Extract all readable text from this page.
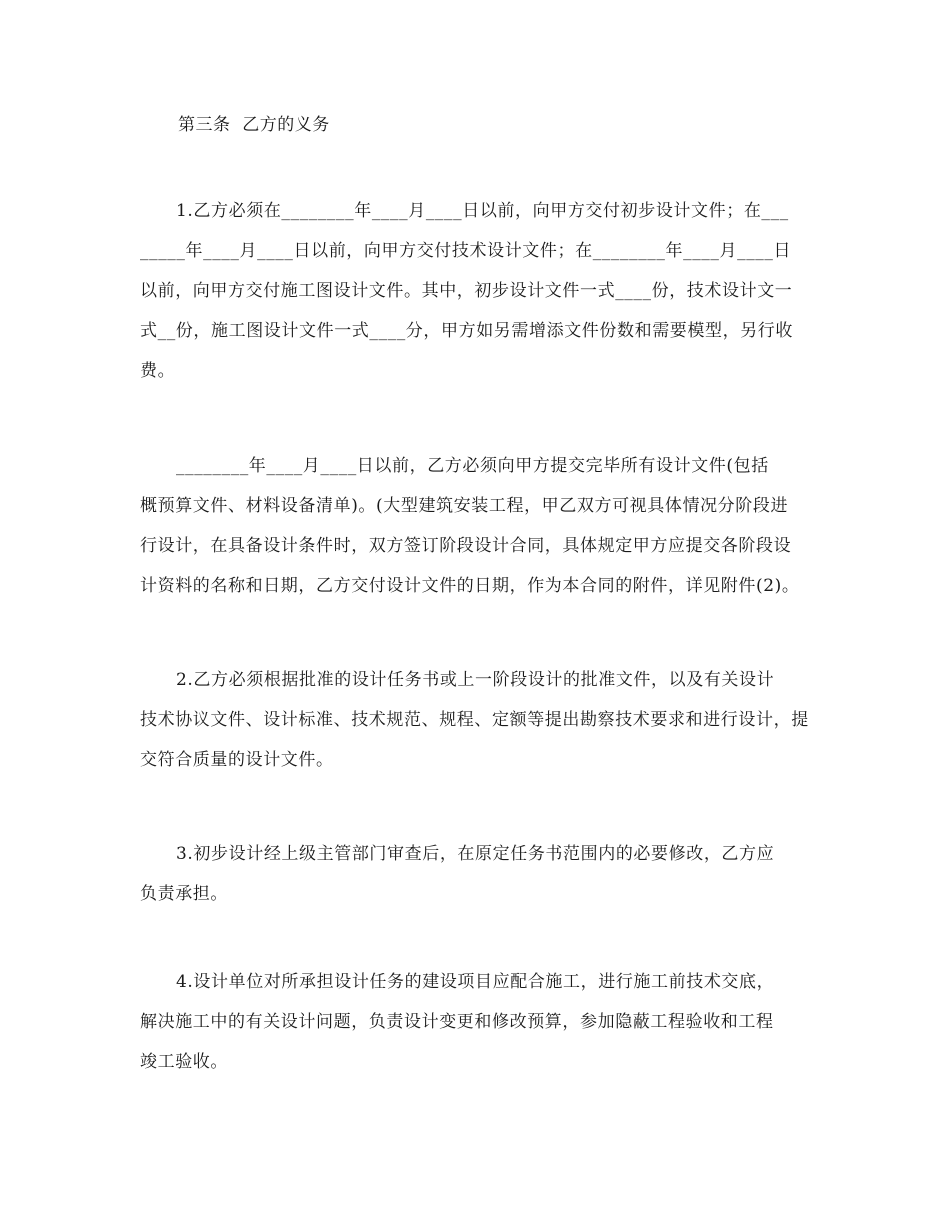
第三条  乙方的义务
1.乙方必须在________年____月____日以前，向甲方交付初步设计文件；在___
_____年____月____日以前，向甲方交付技术设计文件；在________年____月____日
以前，向甲方交付施工图设计文件。其中，初步设计文件一式____份，技术设计文一
式__份，施工图设计文件一式____分，甲方如另需增添文件份数和需要模型，另行收
费。
________年____月____日以前，乙方必须向甲方提交完毕所有设计文件(包括
概预算文件、材料设备清单)。(大型建筑安装工程，甲乙双方可视具体情况分阶段进
行设计，在具备设计条件时，双方签订阶段设计合同，具体规定甲方应提交各阶段设
计资料的名称和日期，乙方交付设计文件的日期，作为本合同的附件，详见附件(2)。
2.乙方必须根据批准的设计任务书或上一阶段设计的批准文件，以及有关设计
技术协议文件、设计标准、技术规范、规程、定额等提出勘察技术要求和进行设计，提
交符合质量的设计文件。
3.初步设计经上级主管部门审查后，在原定任务书范围内的必要修改，乙方应
负责承担。
4.设计单位对所承担设计任务的建设项目应配合施工，进行施工前技术交底，
解决施工中的有关设计问题，负责设计变更和修改预算，参加隐蔽工程验收和工程
竣工验收。
